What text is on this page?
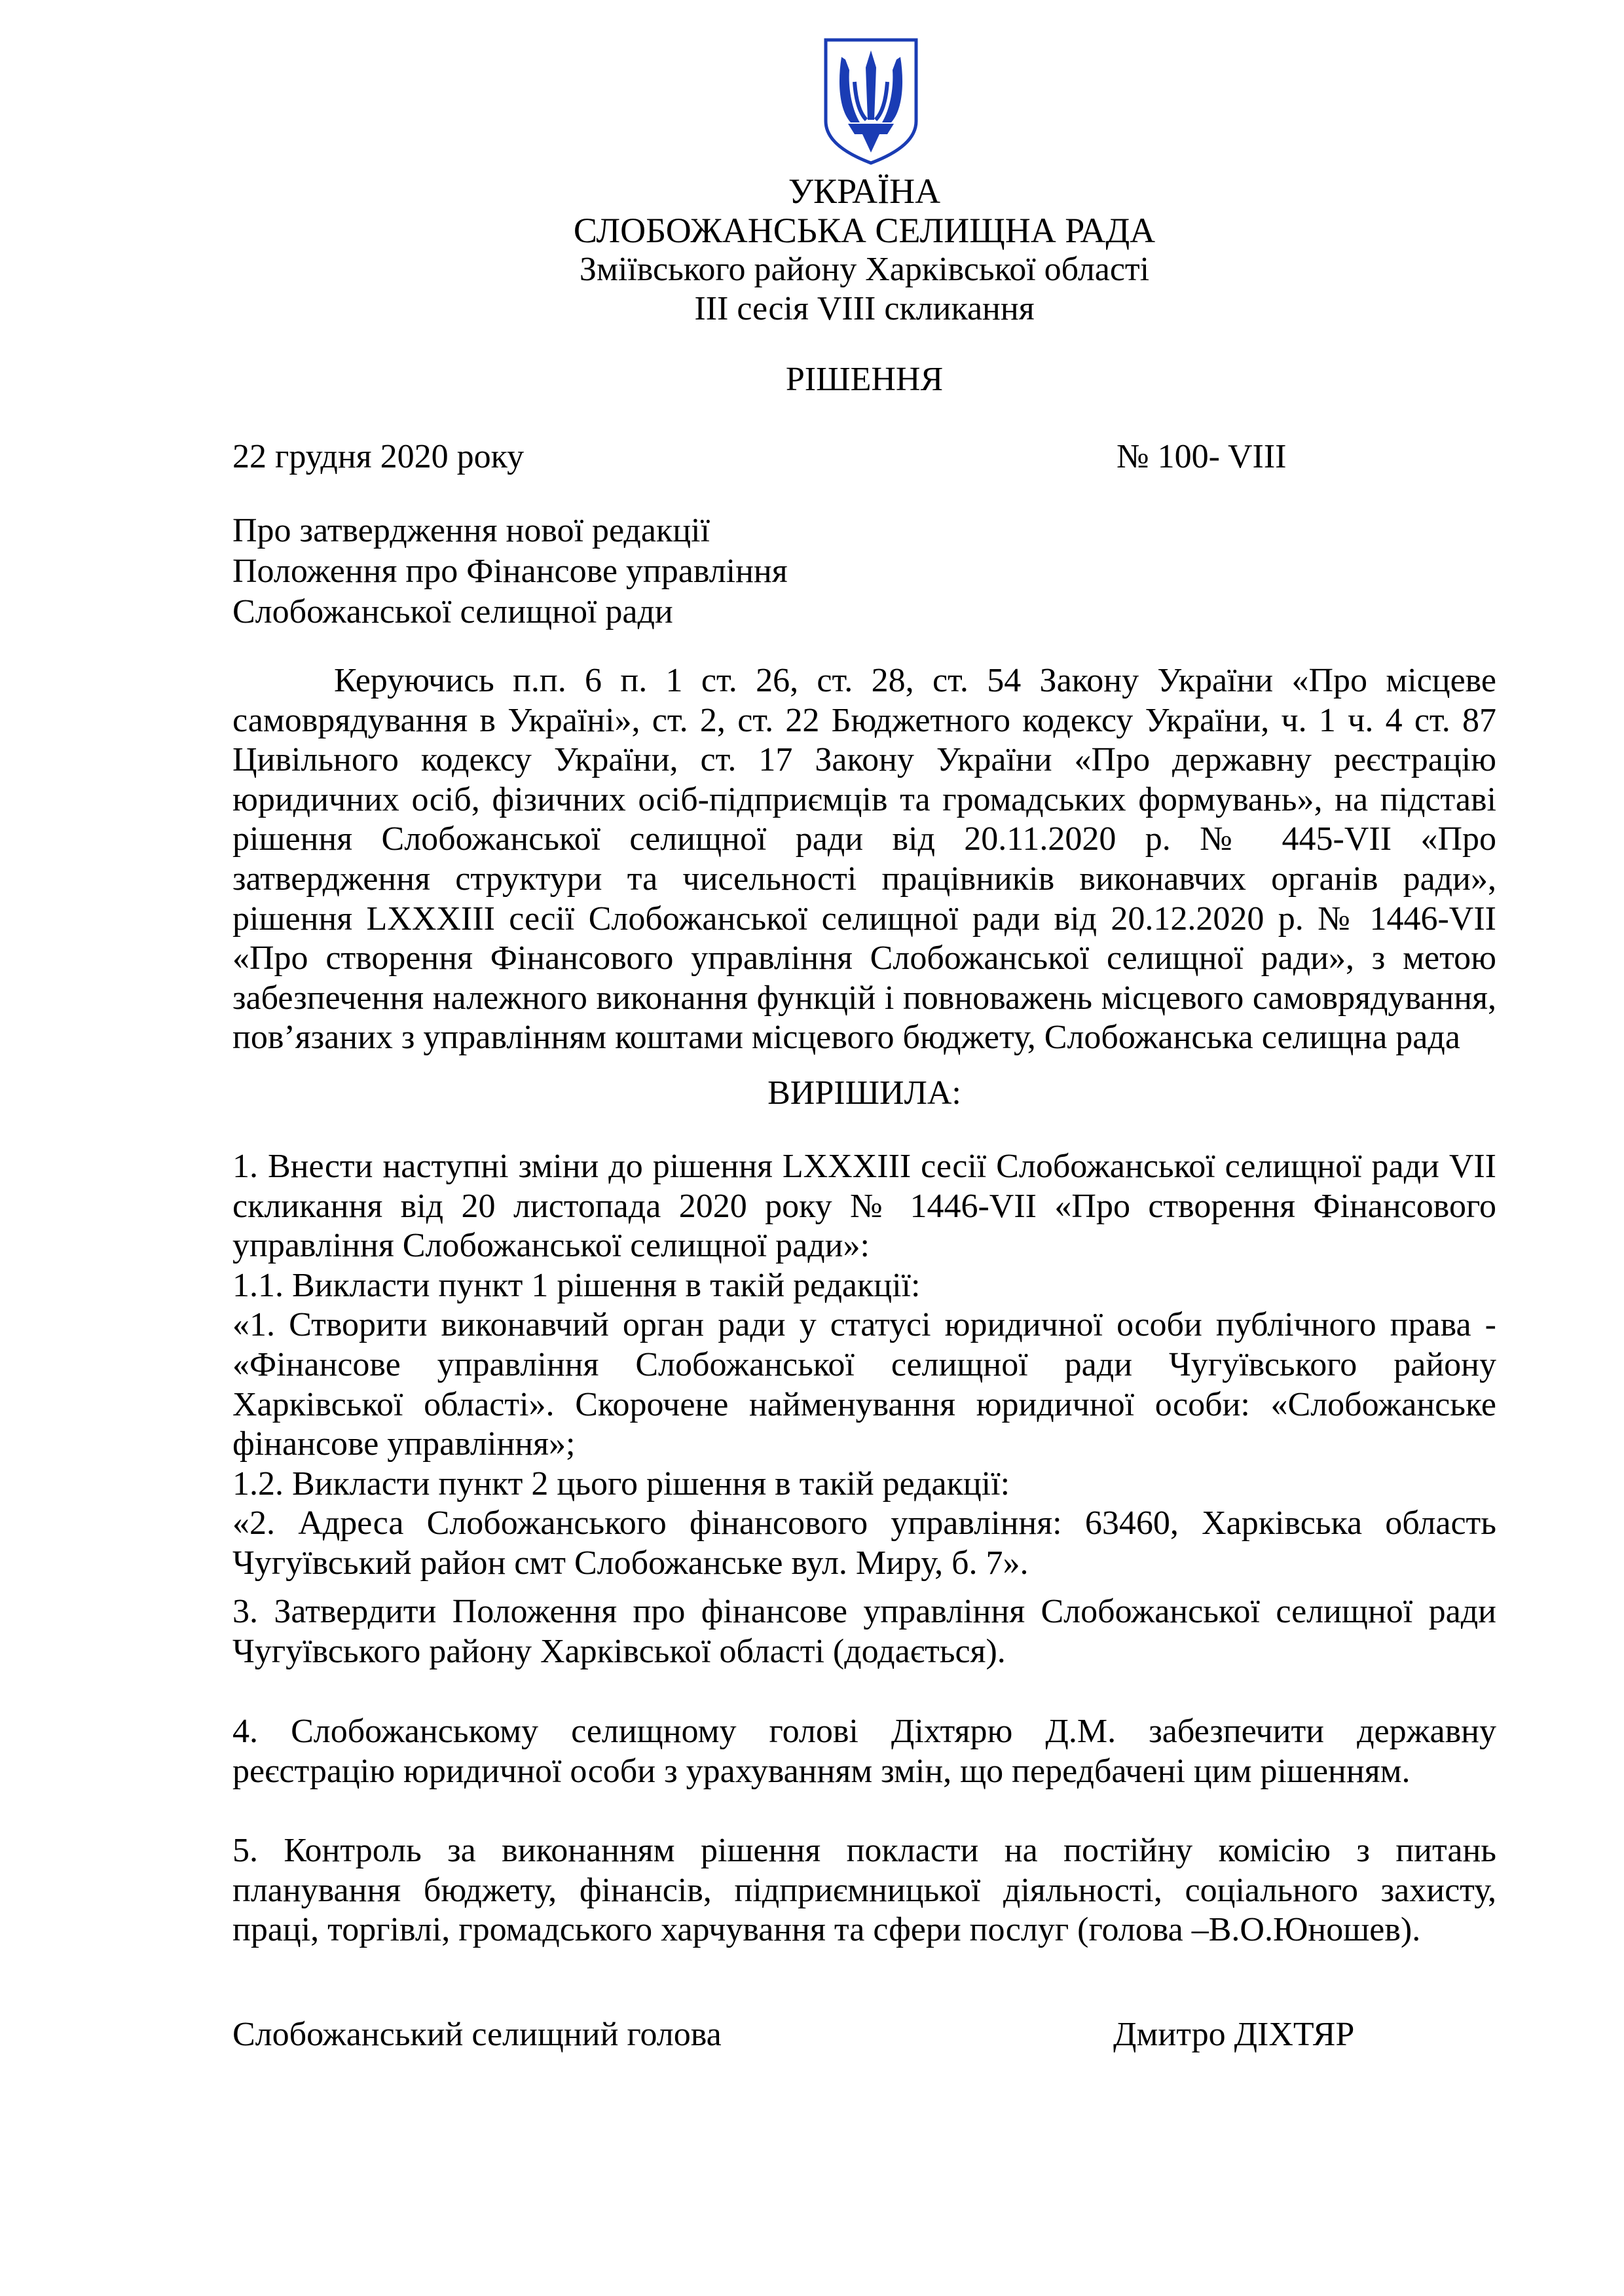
УКРАЇНА
СЛОБОЖАНСЬКА СЕЛИЩНА РАДА
Зміївського району Харківської області
ІІІ сесія VIIІ скликання
РІШЕННЯ
22 грудня 2020 року	№ 100- VIII
Про затвердження нової редакції
Положення про Фінансове управління
Слобожанської селищної ради
Керуючись п.п. 6 п. 1 ст. 26, ст. 28, ст. 54 Закону України «Про місцеве самоврядування в Україні», ст. 2, ст. 22 Бюджетного кодексу України, ч. 1 ч. 4 ст. 87 Цивільного кодексу України, ст. 17 Закону України «Про державну реєстрацію юридичних осіб, фізичних осіб-підприємців та громадських формувань», на підставі рішення Слобожанської селищної ради від 20.11.2020 р. № 445-VII «Про затвердження структури та чисельності працівників виконавчих органів ради», рішення LXXXIII сесії Слобожанської селищної ради від 20.12.2020 р. № 1446-VII «Про створення Фінансового управління Слобожанської селищної ради», з метою забезпечення належного виконання функцій і повноважень місцевого самоврядування, пов’язаних з управлінням коштами місцевого бюджету, Слобожанська селищна рада
ВИРІШИЛА:
1. Внести наступні зміни до рішення LXXXIII сесії Слобожанської селищної ради VII скликання від 20 листопада 2020 року № 1446-VII «Про створення Фінансового управління Слобожанської селищної ради»:
1.1. Викласти пункт 1 рішення в такій редакції:
«1. Створити виконавчий орган ради у статусі юридичної особи публічного права - «Фінансове управління Слобожанської селищної ради Чугуївського району Харківської області». Скорочене найменування юридичної особи: «Слобожанське фінансове управління»;
1.2. Викласти пункт 2 цього рішення в такій редакції:
«2. Адреса Слобожанського фінансового управління: 63460, Харківська область Чугуївський район смт Слобожанське вул. Миру, б. 7».
3. Затвердити Положення про фінансове управління Слобожанської селищної ради Чугуївського району Харківської області (додається).
4. Слобожанському селищному голові Діхтярю Д.М. забезпечити державну реєстрацію юридичної особи з урахуванням змін, що передбачені цим рішенням.
5. Контроль за виконанням рішення покласти на постійну комісію з питань планування бюджету, фінансів, підприємницької діяльності, соціального захисту, праці, торгівлі, громадського харчування та сфери послуг (голова –В.О.Юношев).
Слобожанський селищний голова	Дмитро ДІХТЯР
